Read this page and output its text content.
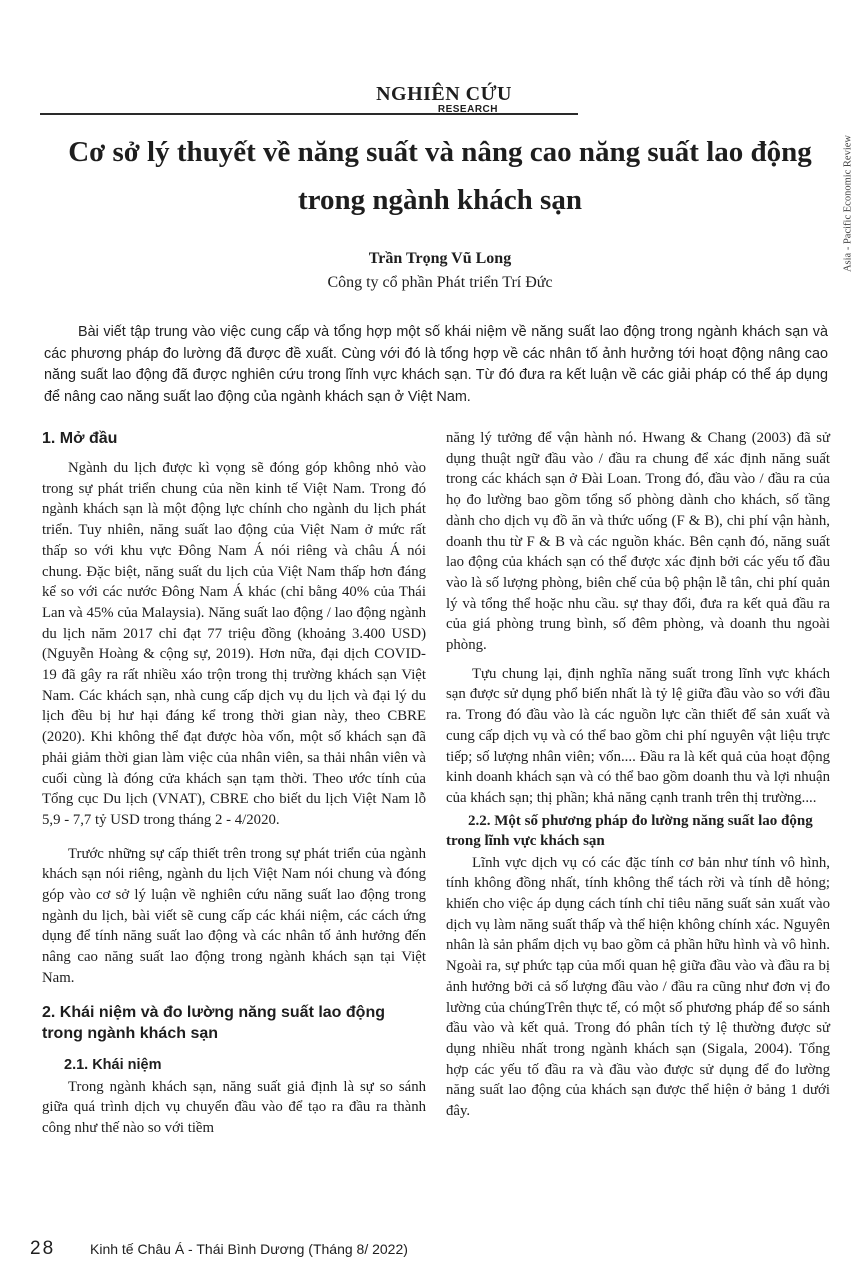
NGHIÊN CỨU
RESEARCH
Asia - Pacific Economic Review
Cơ sở lý thuyết về năng suất và nâng cao năng suất lao động trong ngành khách sạn
Trần Trọng Vũ Long
Công ty cổ phần Phát triển Trí Đức

Bài viết tập trung vào việc cung cấp và tổng hợp một số khái niệm về năng suất lao động trong ngành khách sạn và các phương pháp đo lường đã được đề xuất. Cùng với đó là tổng hợp về các nhân tố ảnh hưởng tới hoạt động nâng cao năng suất lao động đã được nghiên cứu trong lĩnh vực khách sạn. Từ đó đưa ra kết luận về các giải pháp có thể áp dụng để nâng cao năng suất lao động của ngành khách sạn ở Việt Nam.

1. Mở đầu

Ngành du lịch được kì vọng sẽ đóng góp không nhỏ vào trong sự phát triển chung của nền kinh tế Việt Nam. Trong đó ngành khách sạn là một động lực chính cho ngành du lịch phát triển. Tuy nhiên, năng suất lao động của Việt Nam ở mức rất thấp so với khu vực Đông Nam Á nói riêng và châu Á nói chung. Đặc biệt, năng suất du lịch của Việt Nam thấp hơn đáng kể so với các nước Đông Nam Á khác (chỉ bằng 40% của Thái Lan và 45% của Malaysia). Năng suất lao động / lao động ngành du lịch năm 2017 chỉ đạt 77 triệu đồng (khoảng 3.400 USD) (Nguyễn Hoàng & cộng sự, 2019). Hơn nữa, đại dịch COVID-19 đã gây ra rất nhiều xáo trộn trong thị trường khách sạn Việt Nam. Các khách sạn, nhà cung cấp dịch vụ du lịch và đại lý du lịch đều bị hư hại đáng kể trong thời gian này, theo CBRE (2020). Khi không thể đạt được hòa vốn, một số khách sạn đã phải giảm thời gian làm việc của nhân viên, sa thải nhân viên và cuối cùng là đóng cửa khách sạn tạm thời. Theo ước tính của Tổng cục Du lịch (VNAT), CBRE cho biết du lịch Việt Nam lỗ 5,9 - 7,7 tỷ USD trong tháng 2 - 4/2020.

Trước những sự cấp thiết trên trong sự phát triển của ngành khách sạn nói riêng, ngành du lịch Việt Nam nói chung và đóng góp vào cơ sở lý luận về nghiên cứu năng suất lao động trong ngành du lịch, bài viết sẽ cung cấp các khái niệm, các cách ứng dụng để tính năng suất lao động và các nhân tố ảnh hưởng đến nâng cao năng suất lao động trong ngành khách sạn tại Việt Nam.

2. Khái niệm và đo lường năng suất lao động trong ngành khách sạn
2.1. Khái niệm

Trong ngành khách sạn, năng suất giả định là sự so sánh giữa quá trình dịch vụ chuyển đầu vào để tạo ra đầu ra thành công như thế nào so với tiềm

năng lý tưởng để vận hành nó. Hwang & Chang (2003) đã sử dụng thuật ngữ đầu vào / đầu ra chung để xác định năng suất trong các khách sạn ở Đài Loan. Trong đó, đầu vào / đầu ra của họ đo lường bao gồm tổng số phòng dành cho khách, số tầng dành cho dịch vụ đồ ăn và thức uống (F & B), chi phí vận hành, doanh thu từ F & B và các nguồn khác. Bên cạnh đó, năng suất lao động của khách sạn có thể được xác định bởi các yếu tố đầu vào là số lượng phòng, biên chế của bộ phận lễ tân, chi phí quản lý và tổng thể hoặc nhu cầu. sự thay đổi, đưa ra kết quả đầu ra của giá phòng trung bình, số đêm phòng, và doanh thu ngoài phòng.

Tựu chung lại, định nghĩa năng suất trong lĩnh vực khách sạn được sử dụng phổ biến nhất là tỷ lệ giữa đầu vào so với đầu ra. Trong đó đầu vào là các nguồn lực cần thiết để sản xuất và cung cấp dịch vụ và có thể bao gồm chi phí nguyên vật liệu trực tiếp; số lượng nhân viên; vốn.... Đầu ra là kết quả của hoạt động kinh doanh khách sạn và có thể bao gồm doanh thu và lợi nhuận của khách sạn; thị phần; khả năng cạnh tranh trên thị trường....

2.2. Một số phương pháp đo lường năng suất lao động trong lĩnh vực khách sạn

Lĩnh vực dịch vụ có các đặc tính cơ bản như tính vô hình, tính không đồng nhất, tính không thể tách rời và tính dễ hỏng; khiến cho việc áp dụng cách tính chỉ tiêu năng suất sản xuất vào dịch vụ làm năng suất thấp và thể hiện không chính xác. Nguyên nhân là sản phẩm dịch vụ bao gồm cả phần hữu hình và vô hình. Ngoài ra, sự phức tạp của mối quan hệ giữa đầu vào và đầu ra bị ảnh hưởng bởi cả số lượng đầu vào / đầu ra cũng như đơn vị đo lường của chúngTrên thực tế, có một số phương pháp để so sánh đầu vào và kết quả. Trong đó phân tích tỷ lệ thường được sử dụng nhiều nhất trong ngành khách sạn (Sigala, 2004). Tổng hợp các yếu tố đầu ra và đầu vào được sử dụng để đo lường năng suất lao động của khách sạn được thể hiện ở bảng 1 dưới đây.

28 Kinh tế Châu Á - Thái Bình Dương (Tháng 8/ 2022)
